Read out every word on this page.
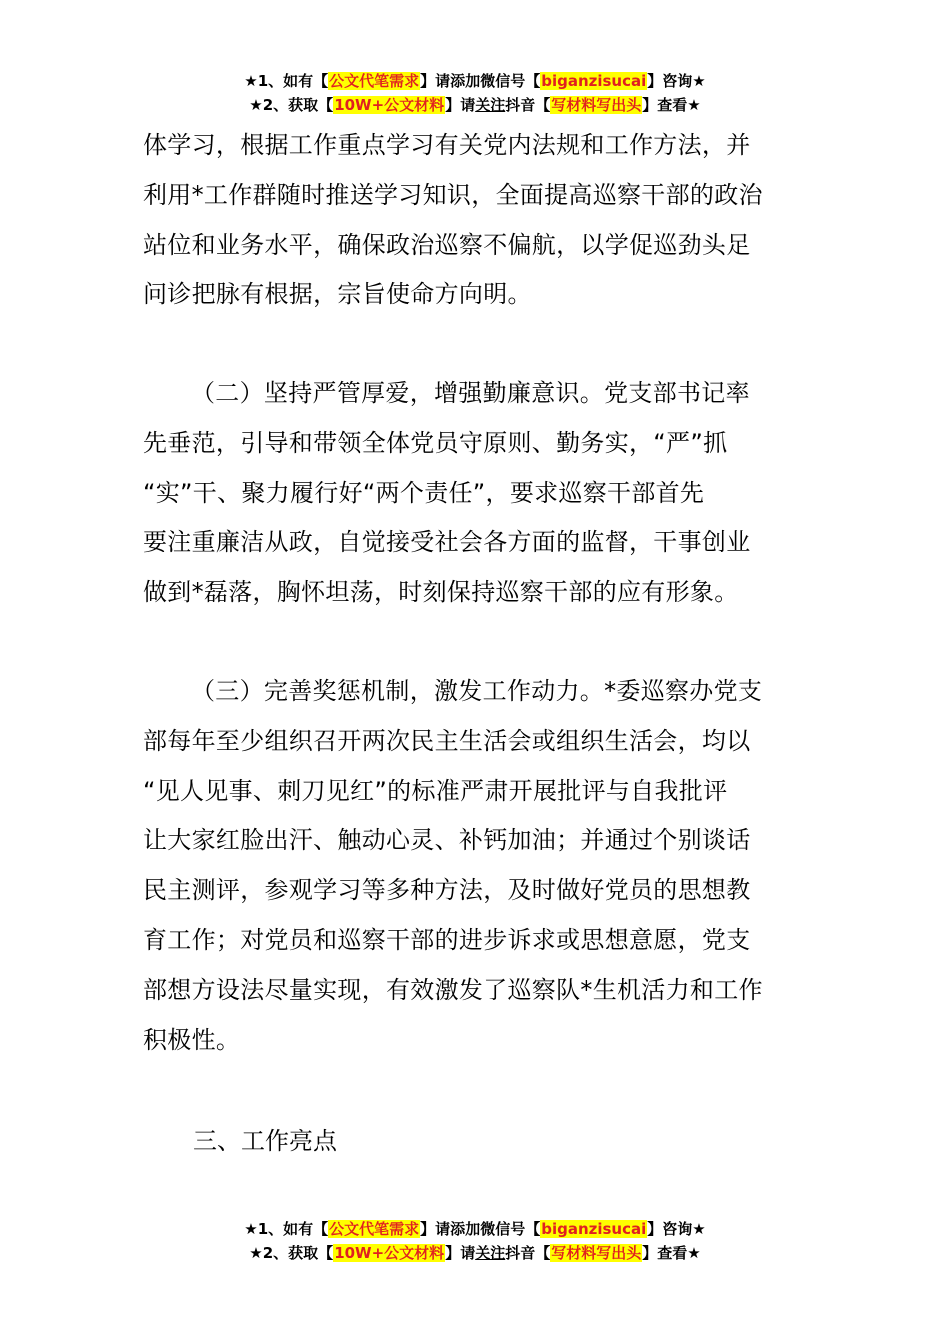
★1、如有【公文代笔需求】请添加微信号【biganzisucai】咨询★
★2、获取【10W+公文材料】请关注抖音【写材料写出头】查看★

体学习，根据工作重点学习有关党内法规和工作方法，并
利用*工作群随时推送学习知识，全面提高巡察干部的政治
站位和业务水平，确保政治巡察不偏航，以学促巡劲头足
问诊把脉有根据，宗旨使命方向明。

（二）坚持严管厚爱，增强勤廉意识。党支部书记率
先垂范，引导和带领全体党员守原则、勤务实，“严”抓
“实”干、聚力履行好“两个责任”，要求巡察干部首先
要注重廉洁从政，自觉接受社会各方面的监督，干事创业
做到*磊落，胸怀坦荡，时刻保持巡察干部的应有形象。

（三）完善奖惩机制，激发工作动力。*委巡察办党支
部每年至少组织召开两次民主生活会或组织生活会，均以
“见人见事、刺刀见红”的标准严肃开展批评与自我批评
让大家红脸出汗、触动心灵、补钙加油；并通过个别谈话
民主测评，参观学习等多种方法，及时做好党员的思想教
育工作；对党员和巡察干部的进步诉求或思想意愿，党支
部想方设法尽量实现，有效激发了巡察队*生机活力和工作
积极性。

三、工作亮点
★1、如有【公文代笔需求】请添加微信号【biganzisucai】咨询★
★2、获取【10W+公文材料】请关注抖音【写材料写出头】查看★
